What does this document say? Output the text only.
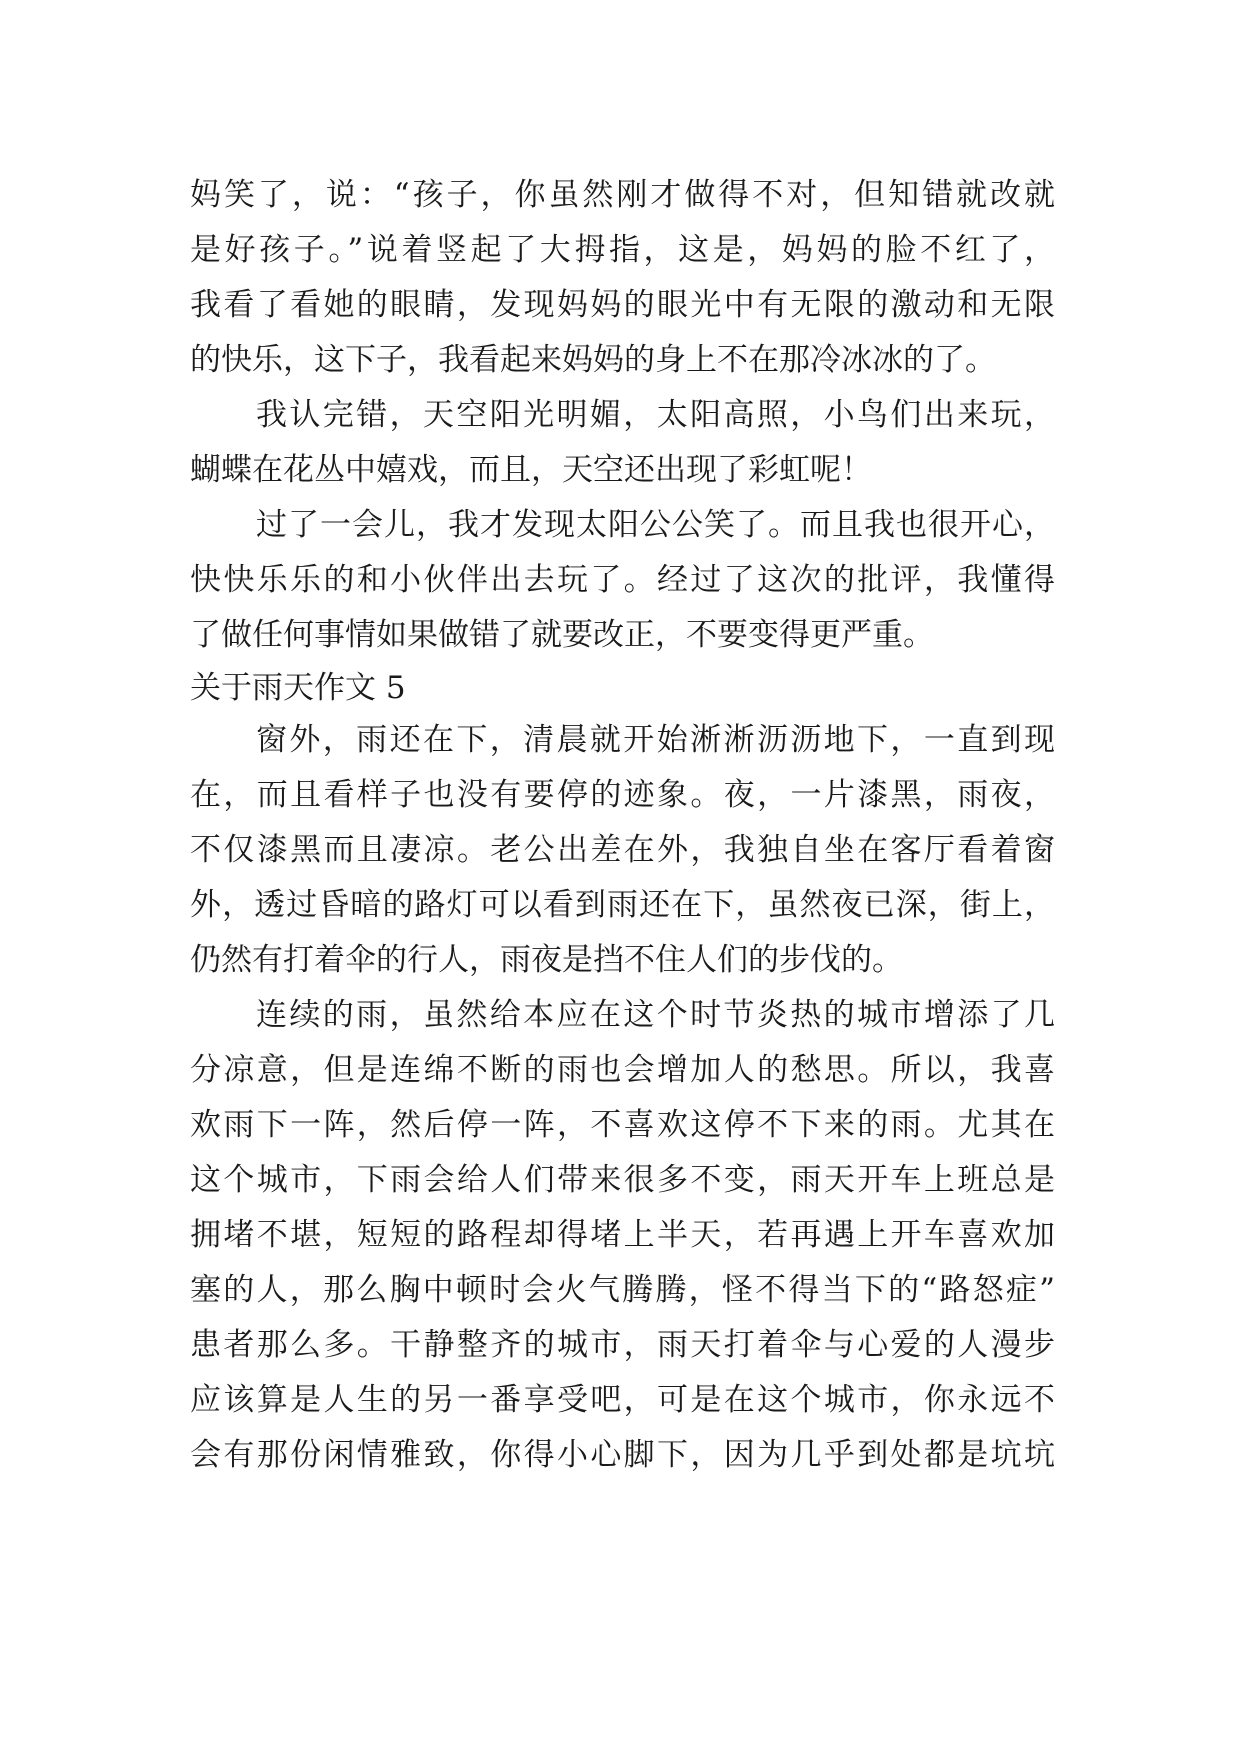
妈笑了，说：“孩子，你虽然刚才做得不对，但知错就改就
是好孩子。”说着竖起了大拇指，这是，妈妈的脸不红了，
我看了看她的眼睛，发现妈妈的眼光中有无限的激动和无限
的快乐，这下子，我看起来妈妈的身上不在那冷冰冰的了。
我认完错，天空阳光明媚，太阳高照，小鸟们出来玩，
蝴蝶在花丛中嬉戏，而且，天空还出现了彩虹呢！
过了一会儿，我才发现太阳公公笑了。而且我也很开心，
快快乐乐的和小伙伴出去玩了。经过了这次的批评，我懂得
了做任何事情如果做错了就要改正，不要变得更严重。
关于雨天作文 5
窗外，雨还在下，清晨就开始淅淅沥沥地下，一直到现
在，而且看样子也没有要停的迹象。夜，一片漆黑，雨夜，
不仅漆黑而且凄凉。老公出差在外，我独自坐在客厅看着窗
外，透过昏暗的路灯可以看到雨还在下，虽然夜已深，街上，
仍然有打着伞的行人，雨夜是挡不住人们的步伐的。
连续的雨，虽然给本应在这个时节炎热的城市增添了几
分凉意，但是连绵不断的雨也会增加人的愁思。所以，我喜
欢雨下一阵，然后停一阵，不喜欢这停不下来的雨。尤其在
这个城市，下雨会给人们带来很多不变，雨天开车上班总是
拥堵不堪，短短的路程却得堵上半天，若再遇上开车喜欢加
塞的人，那么胸中顿时会火气腾腾，怪不得当下的“路怒症”
患者那么多。干静整齐的城市，雨天打着伞与心爱的人漫步
应该算是人生的另一番享受吧，可是在这个城市，你永远不
会有那份闲情雅致，你得小心脚下，因为几乎到处都是坑坑
